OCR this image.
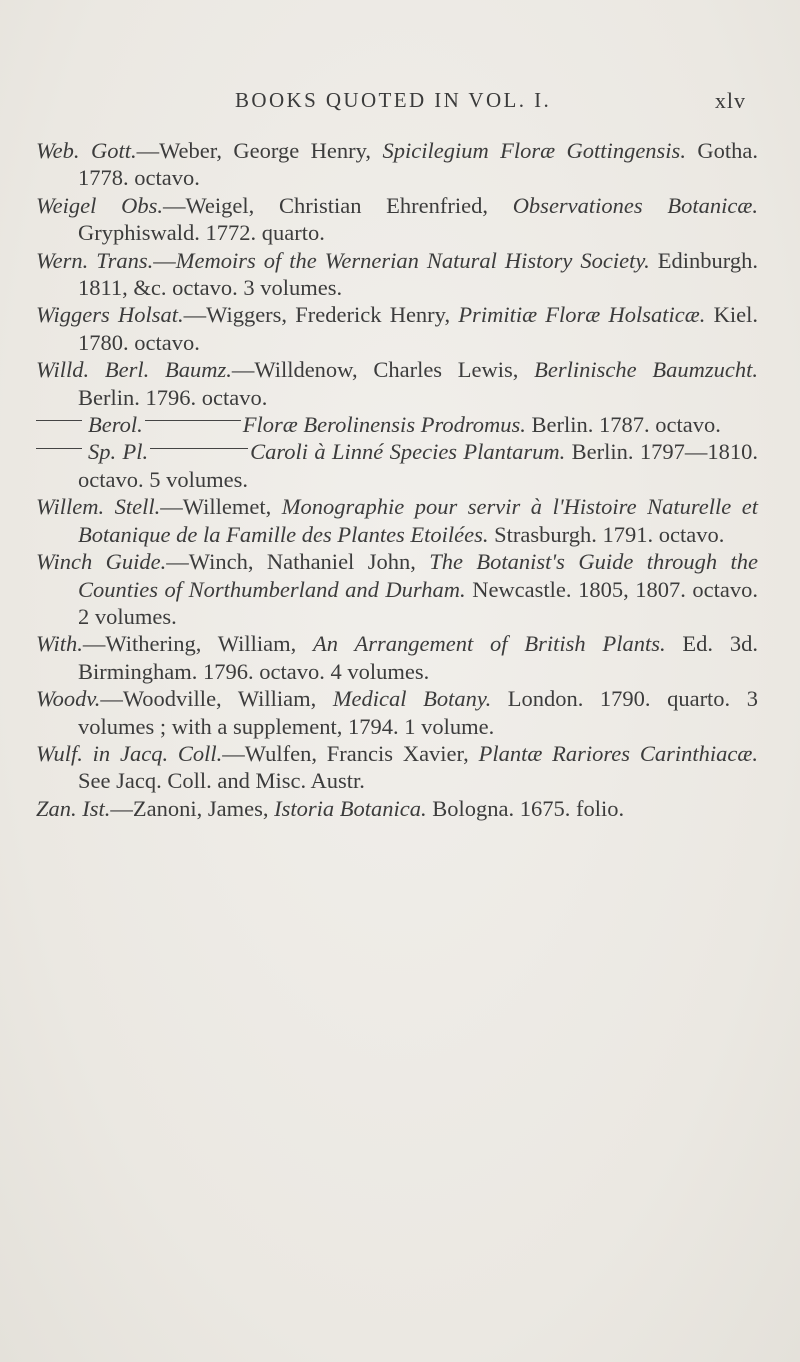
BOOKS QUOTED IN VOL. I.	xlv

Web. Gott.—Weber, George Henry, Spicilegium Floræ Gottingensis. Gotha. 1778. octavo.

Weigel Obs.—Weigel, Christian Ehrenfried, Observationes Botanicæ. Gryphiswald. 1772. quarto.

Wern. Trans.—Memoirs of the Wernerian Natural History Society. Edinburgh. 1811, &c. octavo. 3 volumes.

Wiggers Holsat.—Wiggers, Frederick Henry, Primitiæ Floræ Holsaticæ. Kiel. 1780. octavo.

Willd. Berl. Baumz.—Willdenow, Charles Lewis, Berlinische Baumzucht. Berlin. 1796. octavo.

Berol.	Floræ Berolinensis Prodromus. Berlin. 1787. octavo.

Sp. Pl.	Caroli à Linné Species Plantarum. Berlin. 1797—1810. octavo. 5 volumes.

Willem. Stell.—Willemet, Monographie pour servir à l'Histoire Naturelle et Botanique de la Famille des Plantes Etoilées. Strasburgh. 1791. octavo.

Winch Guide.—Winch, Nathaniel John, The Botanist's Guide through the Counties of Northumberland and Durham. Newcastle. 1805, 1807. octavo. 2 volumes.

With.—Withering, William, An Arrangement of British Plants. Ed. 3d. Birmingham. 1796. octavo. 4 volumes.

Woodv.—Woodville, William, Medical Botany. London. 1790. quarto. 3 volumes ; with a supplement, 1794. 1 volume.

Wulf. in Jacq. Coll.—Wulfen, Francis Xavier, Plantæ Rariores Carinthiacæ. See Jacq. Coll. and Misc. Austr.

Zan. Ist.—Zanoni, James, Istoria Botanica. Bologna. 1675. folio.
